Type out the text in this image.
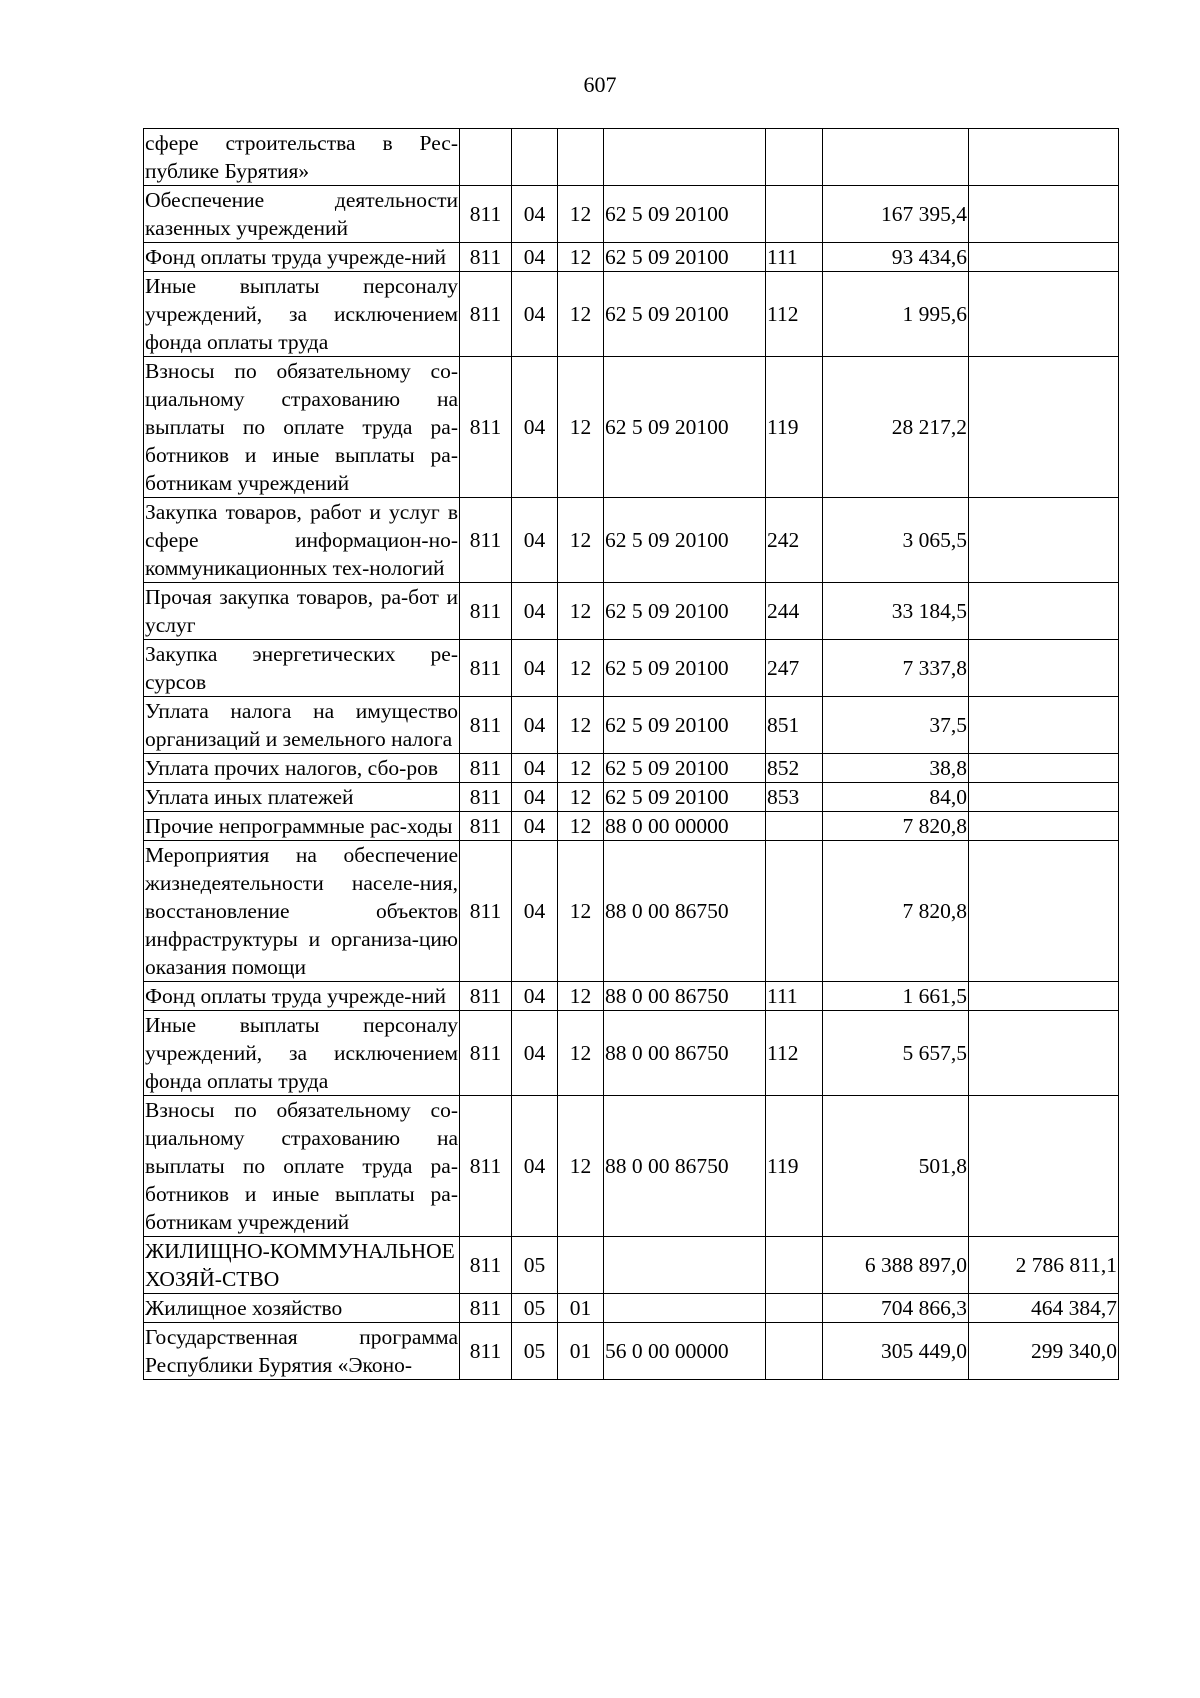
607
сфере строительства в Рес-публике Бурятия»							
Обеспечение деятельности казенных учреждений	811	04	12	62 5 09 20100		167 395,4	
Фонд оплаты труда учрежде-ний	811	04	12	62 5 09 20100	111	93 434,6	
Иные выплаты персоналу учреждений, за исключением фонда оплаты труда	811	04	12	62 5 09 20100	112	1 995,6	
Взносы по обязательному со-циальному страхованию на выплаты по оплате труда ра-ботников и иные выплаты ра-ботникам учреждений	811	04	12	62 5 09 20100	119	28 217,2	
Закупка товаров, работ и услуг в сфере информацион-но-коммуникационных тех-нологий	811	04	12	62 5 09 20100	242	3 065,5	
Прочая закупка товаров, ра-бот и услуг	811	04	12	62 5 09 20100	244	33 184,5	
Закупка энергетических ре-сурсов	811	04	12	62 5 09 20100	247	7 337,8	
Уплата налога на имущество организаций и земельного налога	811	04	12	62 5 09 20100	851	37,5	
Уплата прочих налогов, сбо-ров	811	04	12	62 5 09 20100	852	38,8	
Уплата иных платежей	811	04	12	62 5 09 20100	853	84,0	
Прочие непрограммные рас-ходы	811	04	12	88 0 00 00000		7 820,8	
Мероприятия на обеспечение жизнедеятельности населе-ния, восстановление объектов инфраструктуры и организа-цию оказания помощи	811	04	12	88 0 00 86750		7 820,8	
Фонд оплаты труда учрежде-ний	811	04	12	88 0 00 86750	111	1 661,5	
Иные выплаты персоналу учреждений, за исключением фонда оплаты труда	811	04	12	88 0 00 86750	112	5 657,5	
Взносы по обязательному со-циальному страхованию на выплаты по оплате труда ра-ботников и иные выплаты ра-ботникам учреждений	811	04	12	88 0 00 86750	119	501,8	
ЖИЛИЩНО-КОММУНАЛЬНОЕ ХОЗЯЙ-СТВО	811	05				6 388 897,0	2 786 811,1
Жилищное хозяйство	811	05	01			704 866,3	464 384,7
Государственная программа Республики Бурятия «Эконо-	811	05	01	56 0 00 00000		305 449,0	299 340,0
